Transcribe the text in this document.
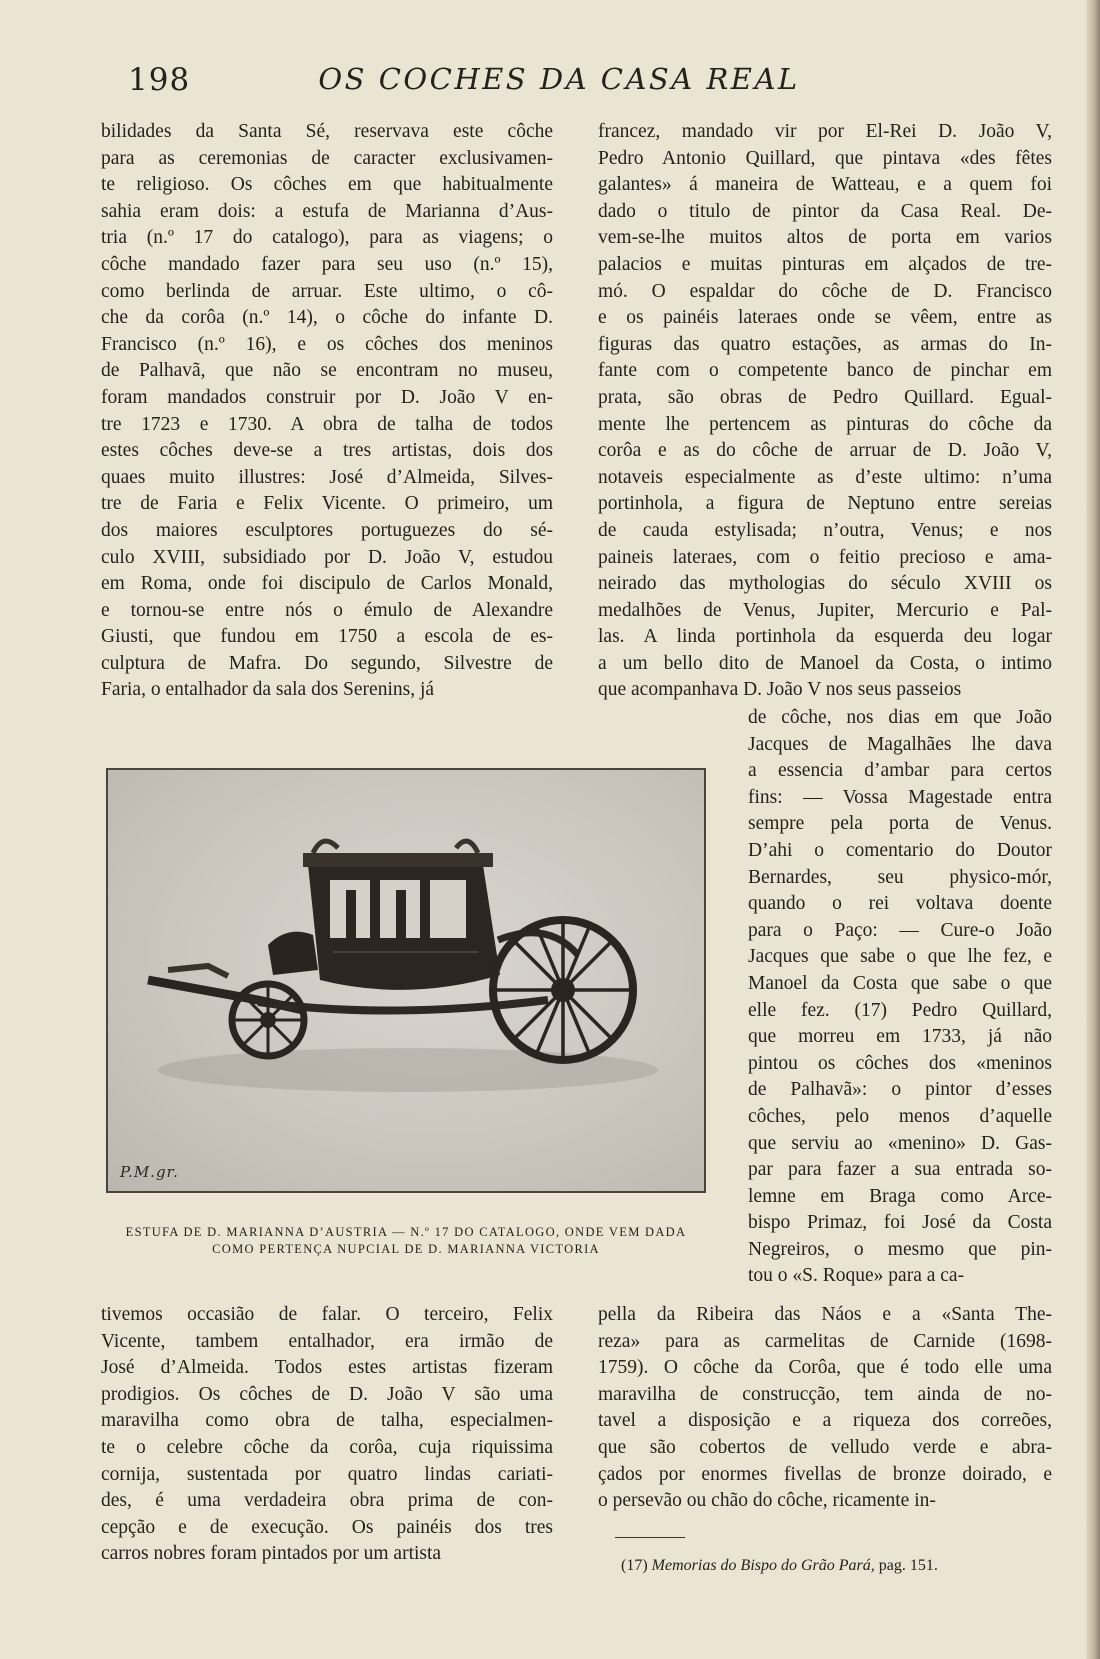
198	OS COCHES DA CASA REAL

bilidades da Santa Sé, reservava este côche

para as ceremonias de caracter exclusivamen-

te religioso. Os côches em que habitualmente

sahia eram dois: a estufa de Marianna d’Aus-

tria (n.º 17 do catalogo), para as viagens; o

côche mandado fazer para seu uso (n.º 15),

como berlinda de arruar. Este ultimo, o cô-

che da corôa (n.º 14), o côche do infante D.

Francisco (n.º 16), e os côches dos meninos

de Palhavã, que não se encontram no museu,

foram mandados construir por D. João V en-

tre 1723 e 1730. A obra de talha de todos

estes côches deve-se a tres artistas, dois dos

quaes muito illustres: José d’Almeida, Silves-

tre de Faria e Felix Vicente. O primeiro, um

dos maiores esculptores portuguezes do sé-

culo XVIII, subsidiado por D. João V, estudou

em Roma, onde foi discipulo de Carlos Monald,

e tornou-se entre nós o émulo de Alexandre

Giusti, que fundou em 1750 a escola de es-

culptura de Mafra. Do segundo, Silvestre de

Faria, o entalhador da sala dos Serenins, já

francez, mandado vir por El-Rei D. João V,

Pedro Antonio Quillard, que pintava «des fêtes

galantes» á maneira de Watteau, e a quem foi

dado o titulo de pintor da Casa Real. De-

vem-se-lhe muitos altos de porta em varios

palacios e muitas pinturas em alçados de tre-

mó. O espaldar do côche de D. Francisco

e os painéis lateraes onde se vêem, entre as

figuras das quatro estações, as armas do In-

fante com o competente banco de pinchar em

prata, são obras de Pedro Quillard. Egual-

mente lhe pertencem as pinturas do côche da

corôa e as do côche de arruar de D. João V,

notaveis especialmente as d’este ultimo: n’uma

portinhola, a figura de Neptuno entre sereias

de cauda estylisada; n’outra, Venus; e nos

paineis lateraes, com o feitio precioso e ama-

neirado das mythologias do século XVIII os

medalhões de Venus, Jupiter, Mercurio e Pal-

las. A linda portinhola da esquerda deu logar

a um bello dito de Manoel da Costa, o intimo

que acompanhava D. João V nos seus passeios

de côche, nos dias em que João

Jacques de Magalhães lhe dava

a essencia d’ambar para certos

fins: — Vossa Magestade entra

sempre pela porta de Venus.

D’ahi o comentario do Doutor

Bernardes, seu physico-mór,

quando o rei voltava doente

para o Paço: — Cure-o João

Jacques que sabe o que lhe fez, e

Manoel da Costa que sabe o que

elle fez. (17) Pedro Quillard,

que morreu em 1733, já não

pintou os côches dos «meninos

de Palhavã»: o pintor d’esses

côches, pelo menos d’aquelle

que serviu ao «menino» D. Gas-

par para fazer a sua entrada so-

lemne em Braga como Arce-

bispo Primaz, foi José da Costa

Negreiros, o mesmo que pin-

tou o «S. Roque» para a ca-

P.M.gr.
ESTUFA DE D. MARIANNA D’AUSTRIA — N.º 17 DO CATALOGO, ONDE VEM DADA
COMO PERTENÇA NUPCIAL DE D. MARIANNA VICTORIA

tivemos occasião de falar. O terceiro, Felix

Vicente, tambem entalhador, era irmão de

José d’Almeida. Todos estes artistas fizeram

prodigios. Os côches de D. João V são uma

maravilha como obra de talha, especialmen-

te o celebre côche da corôa, cuja riquissima

cornija, sustentada por quatro lindas cariati-

des, é uma verdadeira obra prima de con-

cepção e de execução. Os painéis dos tres

carros nobres foram pintados por um artista

pella da Ribeira das Náos e a «Santa The-

reza» para as carmelitas de Carnide (1698-

1759). O côche da Corôa, que é todo elle uma

maravilha de construcção, tem ainda de no-

tavel a disposição e a riqueza dos correões,

que são cobertos de velludo verde e abra-

çados por enormes fivellas de bronze doirado, e

o persevão ou chão do côche, ricamente in-

(17) Memorias do Bispo do Grão Pará, pag. 151.
